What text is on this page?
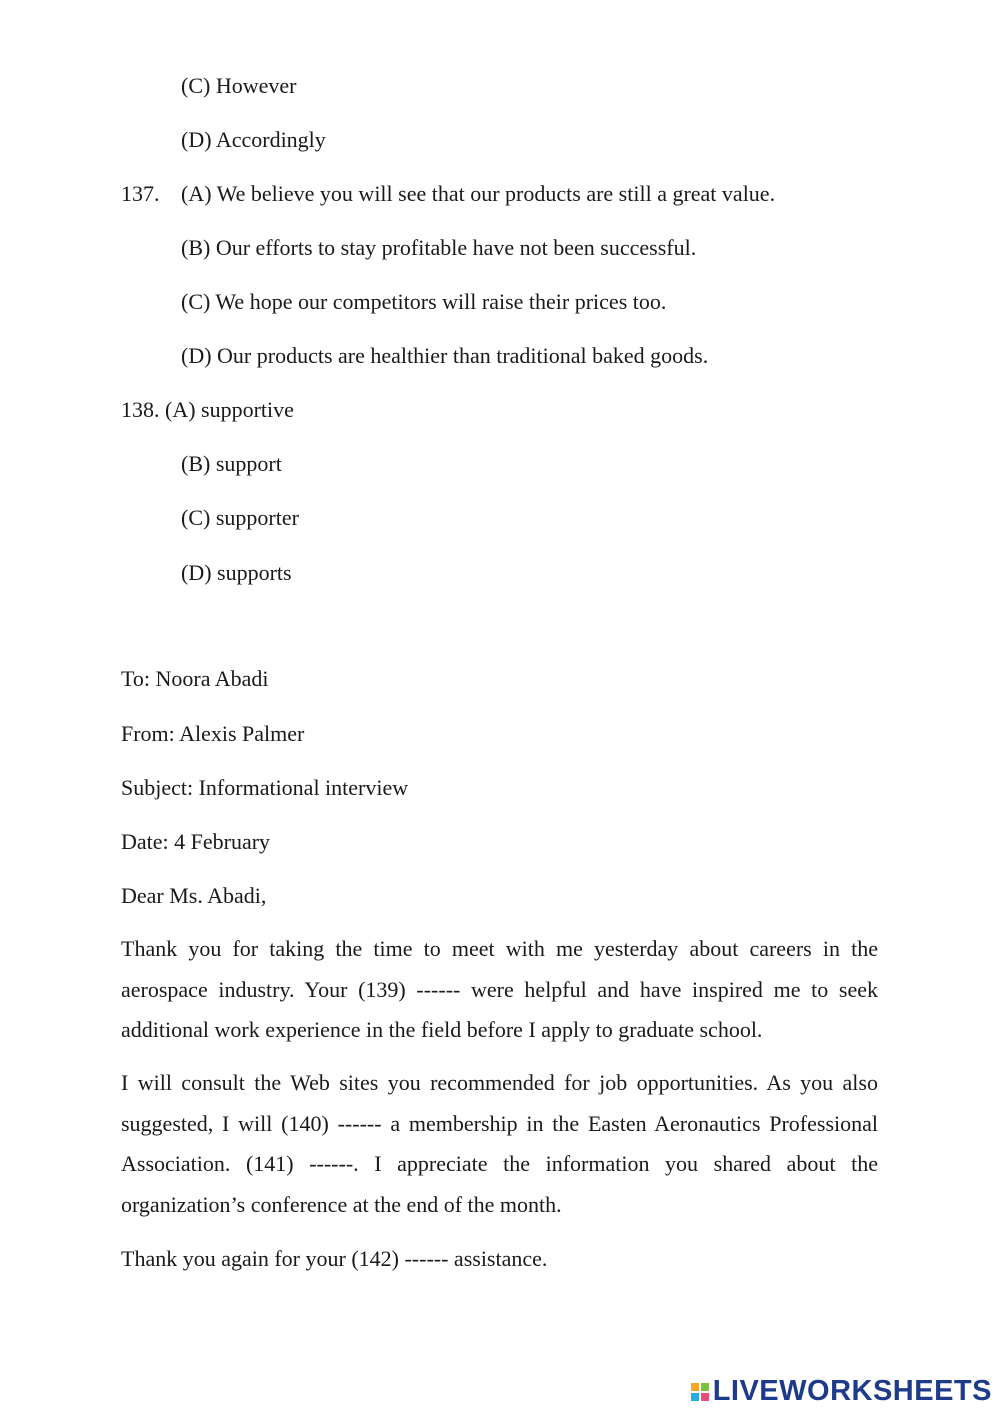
(C) However
(D) Accordingly
137. (A) We believe you will see that our products are still a great value.
(B) Our efforts to stay profitable have not been successful.
(C) We hope our competitors will raise their prices too.
(D) Our products are healthier than traditional baked goods.
138. (A) supportive
(B) support
(C) supporter
(D) supports
To: Noora Abadi
From: Alexis Palmer
Subject: Informational interview
Date: 4 February
Dear Ms. Abadi,

Thank you for taking the time to meet with me yesterday about careers in the aerospace industry. Your (139) ------ were helpful and have inspired me to seek additional work experience in the field before I apply to graduate school.

I will consult the Web sites you recommended for job opportunities. As you also suggested, I will (140) ------ a membership in the Easten Aeronautics Professional Association. (141) ------. I appreciate the information you shared about the organization’s conference at the end of the month.

Thank you again for your (142) ------ assistance.

LIVEWORKSHEETS
